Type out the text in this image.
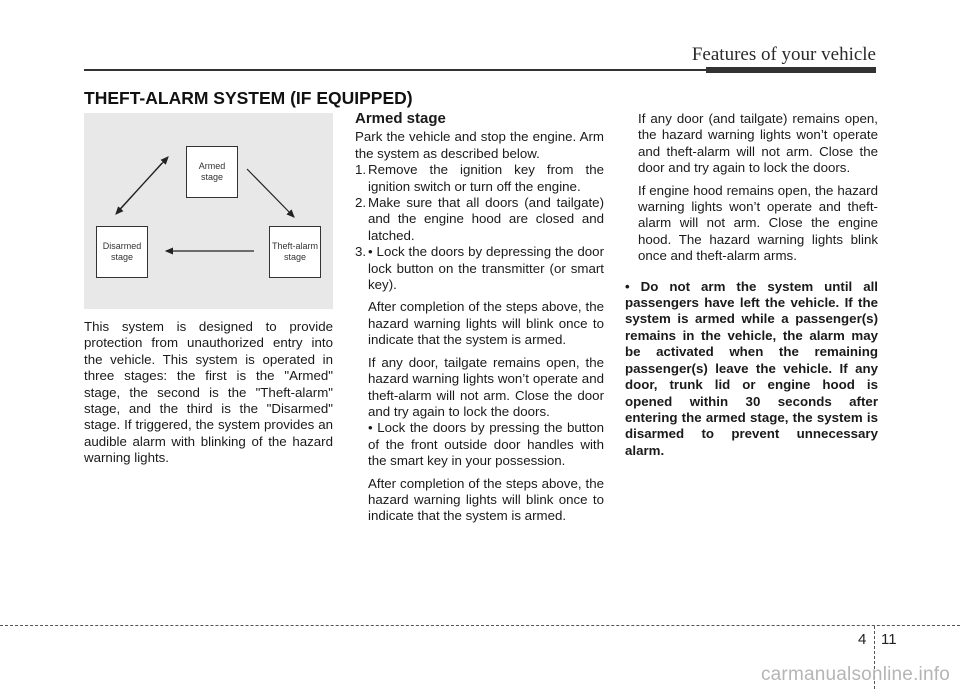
Features of your vehicle
THEFT-ALARM SYSTEM (IF EQUIPPED)
Armed stage
Disarmed stage
Theft-alarm stage

This system is designed to provide protection from unauthorized entry into the vehicle. This system is operated in three stages: the first is the "Armed" stage, the second is the "Theft-alarm" stage, and the third is the "Disarmed" stage. If triggered, the system provides an audible alarm with blinking of the hazard warning lights.

Armed stage

Park the vehicle and stop the engine. Arm the system as described below.

1. Remove the ignition key from the ignition switch or turn off the engine.
2. Make sure that all doors (and tailgate) and the engine hood are closed and latched.
3. • Lock the doors by depressing the door lock button on the transmitter (or smart key).

After completion of the steps above, the hazard warning lights will blink once to indicate that the system is armed.

If any door, tailgate remains open, the hazard warning lights won’t operate and theft-alarm will not arm. Close the door and try again to lock the doors.

• Lock the doors by pressing the button of the front outside door handles with the smart key in your possession.

After completion of the steps above, the hazard warning lights will blink once to indicate that the system is armed.

If any door (and tailgate) remains open, the hazard warning lights won’t operate and theft-alarm will not arm. Close the door and try again to lock the doors.

If engine hood remains open, the hazard warning lights won’t operate and theft-alarm will not arm. Close the engine hood. The hazard warning lights blink once and theft-alarm arms.

• Do not arm the system until all passengers have left the vehicle. If the system is armed while a passenger(s) remains in the vehicle, the alarm may be activated when the remaining passenger(s) leave the vehicle. If any door, trunk lid or engine hood is opened within 30 seconds after entering the armed stage, the system is disarmed to prevent unnecessary alarm.

4 11
carmanualsonline.info
